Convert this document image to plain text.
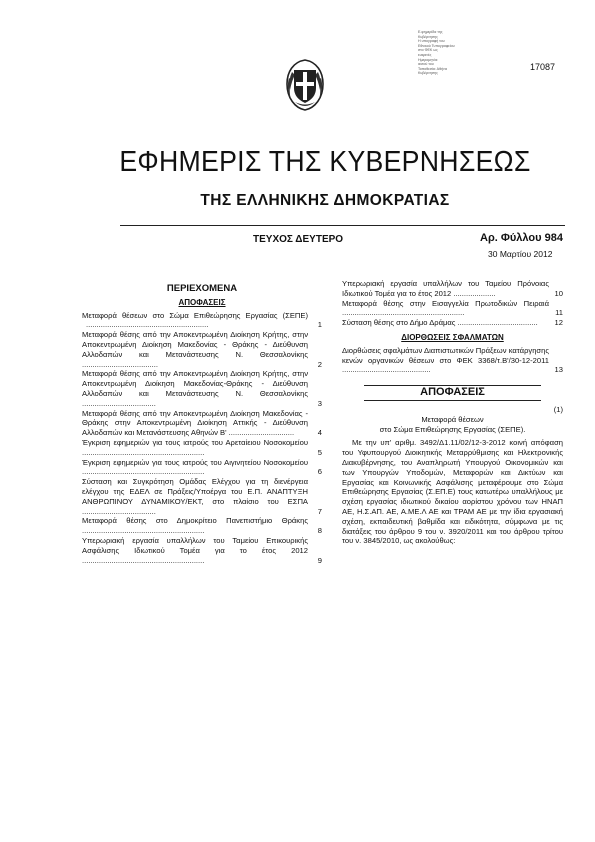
Ε.φημερίδα της
Κυβέρνησης
Η υπογραφή του
Εθνικού Τυπογραφείου
στο ΦΕΚ ως
ευκρινές
Ημερομηνία:
αυτού του
Τοποθεσία: Αθήνα
Κυβέρνησης
17087
ΕΦΗΜΕΡΙΣ ΤΗΣ ΚΥΒΕΡΝΗΣΕΩΣ
ΤΗΣ ΕΛΛΗΝΙΚΗΣ ΔΗΜΟΚΡΑΤΙΑΣ
ΤΕΥΧΟΣ ΔΕΥΤΕΡΟ	Αρ. Φύλλου 984
30 Μαρτίου 2012
ΠΕΡΙΕΧΟΜΕΝΑ
ΑΠΟΦΑΣΕΙΣ
Μεταφορά θέσεων στο Σώμα Επιθεώρησης Εργασίας (ΣΕΠΕ) ..........................................................	1
Μεταφορά θέσης από την Αποκεντρωμένη Διοίκηση Κρήτης, στην Αποκεντρωμένη Διοίκηση Μακεδονίας - Θράκης - Διεύθυνση Αλλοδαπών και Μετανάστευσης Ν. Θεσσαλονίκης ....................................	2
Μεταφορά θέσης από την Αποκεντρωμένη Διοίκηση Κρήτης, στην Αποκεντρωμένη Διοίκηση Μακεδονίας-Θράκης - Διεύθυνση Αλλοδαπών και Μετανάστευσης Ν. Θεσσαλονίκης ...................................	3
Μεταφορά θέσης από την Αποκεντρωμένη Διοίκηση Μακεδονίας - Θράκης στην Αποκεντρωμένη Διοίκηση Αττικής - Διεύθυνση Αλλοδαπών και Μετανάστευσης Αθηνών Β' ...............................	4
Έγκριση εφημεριών για τους ιατρούς του Αρεταίειου Νοσοκομείου ..........................................................	5
Έγκριση εφημεριών για τους ιατρούς του Αιγινητείου Νοσοκομείου ..........................................................	6
Σύσταση και Συγκρότηση Ομάδας Ελέγχου για τη διενέργεια ελέγχου της ΕΔΕΛ σε Πράξεις/Υποέργα του Ε.Π. ΑΝΑΠΤΥΞΗ ΑΝΘΡΩΠΙΝΟΥ ΔΥΝΑΜΙΚΟΥ/ΕΚΤ, στο πλαίσιο του ΕΣΠΑ ...................................	7
Μεταφορά θέσης στο Δημοκρίτειο Πανεπιστήμιο Θράκης ..........................................................	8
Υπερωριακή εργασία υπαλλήλων του Ταμείου Επικουρικής Ασφάλισης Ιδιωτικού Τομέα για το έτος 2012 ..........................................................	9
Υπερωριακή εργασία υπαλλήλων του Ταμείου Πρόνοιας Ιδιωτικού Τομέα για το έτος 2012 ....................	10
Μεταφορά θέσης στην Εισαγγελία Πρωτοδικών Πειραιά ..........................................................	11
Σύσταση θέσης στο Δήμο Δράμας ......................................	12
ΔΙΟΡΘΩΣΕΙΣ ΣΦΑΛΜΑΤΩΝ
Διορθώσεις σφαλμάτων Διαπιστωτικών Πράξεων κατάργησης κενών οργανικών θέσεων στο ΦΕΚ 3368/τ.Β'/30-12-2011 ..........................................	13
ΑΠΟΦΑΣΕΙΣ
(1)
Μεταφορά θέσεων
στο Σώμα Επιθεώρησης Εργασίας (ΣΕΠΕ).
Με την υπ' αριθμ. 3492/Δ1.11/02/12-3-2012 κοινή απόφαση του Υφυπουργού Διοικητικής Μεταρρύθμισης και Ηλεκτρονικής Διακυβέρνησης, του Αναπληρωτή Υπουργού Οικονομικών και των Υπουργών Υποδομών, Μεταφορών και Δικτύων και Εργασίας και Κοινωνικής Ασφάλισης μεταφέρουμε στο Σώμα Επιθεώρησης Εργασίας (Σ.ΕΠ.Ε) τους κατωτέρω υπαλλήλους με σχέση εργασίας ιδιωτικού δικαίου αορίστου χρόνου των ΗΝΑΠ ΑΕ, Η.Σ.ΑΠ. ΑΕ, Α.ΜΕ.Λ ΑΕ και ΤΡΑΜ ΑΕ με την ίδια εργασιακή σχέση, εκπαιδευτική βαθμίδα και ειδικότητα, σύμφωνα με τις διατάξεις του άρθρου 9 του ν. 3920/2011 και του άρθρου τρίτου του ν. 3845/2010, ως ακολούθως:
